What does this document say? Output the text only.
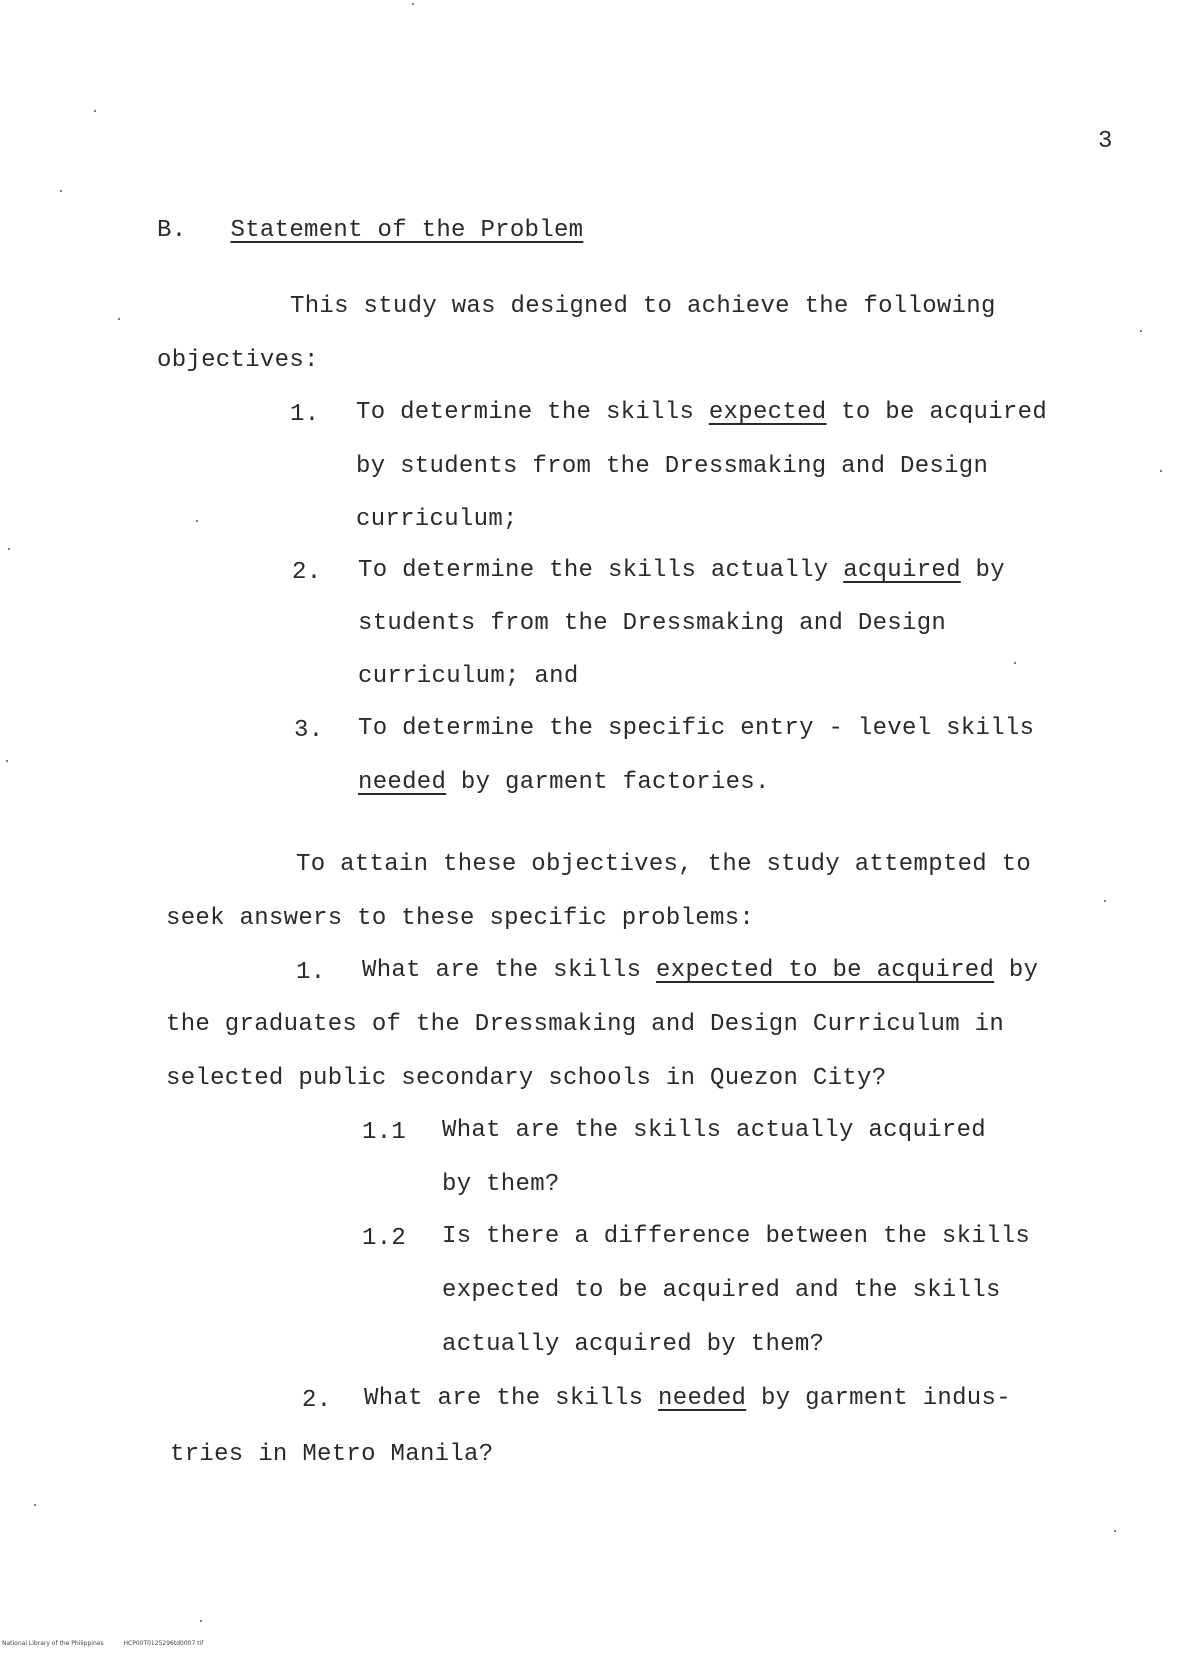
3
B. Statement of the Problem
This study was designed to achieve the following
objectives:
1. To determine the skills expected to be acquired
by students from the Dressmaking and Design
curriculum;
2. To determine the skills actually acquired by
students from the Dressmaking and Design
curriculum; and
3. To determine the specific entry - level skills
needed by garment factories.
To attain these objectives, the study attempted to
seek answers to these specific problems:
1. What are the skills expected to be acquired by
the graduates of the Dressmaking and Design Curriculum in
selected public secondary schools in Quezon City?
1.1 What are the skills actually acquired
by them?
1.2 Is there a difference between the skills
expected to be acquired and the skills
actually acquired by them?
2. What are the skills needed by garment indus-
tries in Metro Manila?
National Library of the Philippines	HCP00T0125296td0007 tif
